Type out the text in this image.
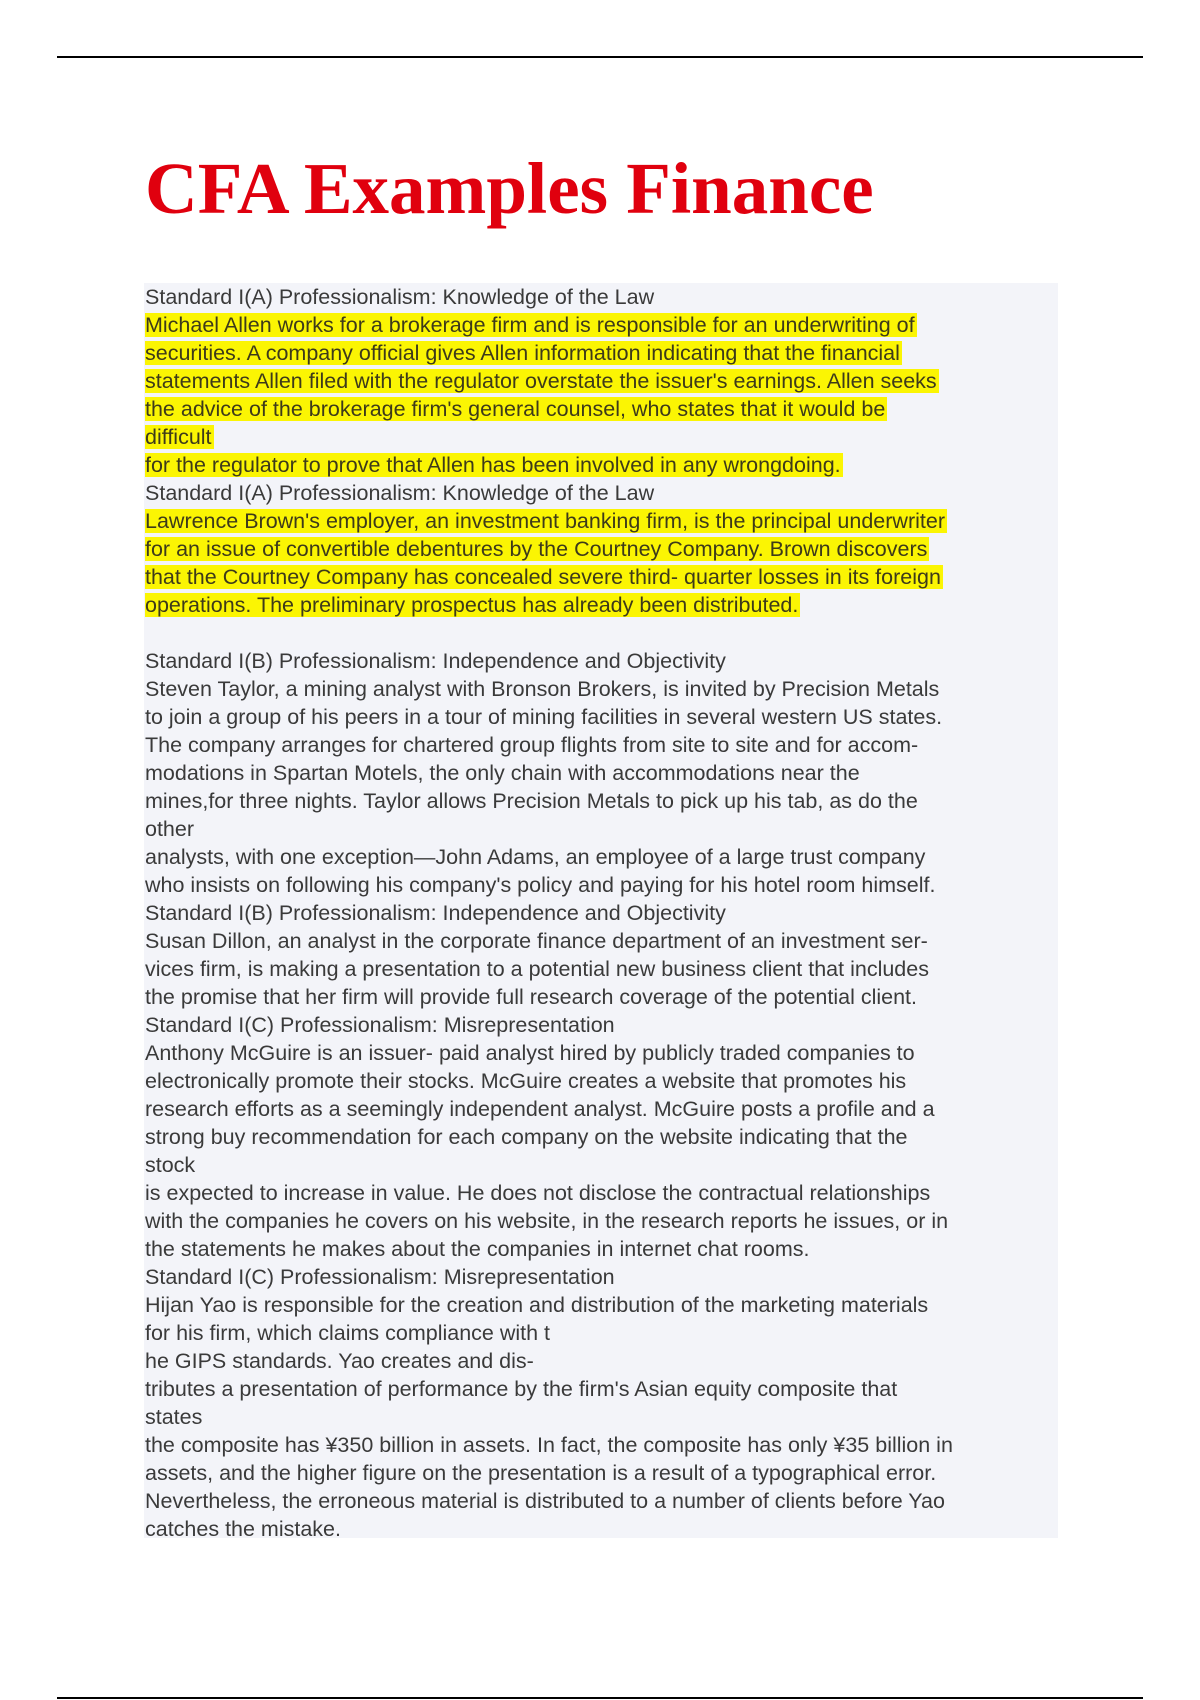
CFA Examples Finance
Standard I(A) Professionalism: Knowledge of the Law
Michael Allen works for a brokerage firm and is responsible for an underwriting of
securities. A company official gives Allen information indicating that the financial
statements Allen filed with the regulator overstate the issuer's earnings. Allen seeks
the advice of the brokerage firm's general counsel, who states that it would be
difficult
for the regulator to prove that Allen has been involved in any wrongdoing.
Standard I(A) Professionalism: Knowledge of the Law
Lawrence Brown's employer, an investment banking firm, is the principal underwriter
for an issue of convertible debentures by the Courtney Company. Brown discovers
that the Courtney Company has concealed severe third- quarter losses in its foreign
operations. The preliminary prospectus has already been distributed.
Standard I(B) Professionalism: Independence and Objectivity
Steven Taylor, a mining analyst with Bronson Brokers, is invited by Precision Metals
to join a group of his peers in a tour of mining facilities in several western US states.
The company arranges for chartered group flights from site to site and for accom-
modations in Spartan Motels, the only chain with accommodations near the
mines,for three nights. Taylor allows Precision Metals to pick up his tab, as do the
other
analysts, with one exception—John Adams, an employee of a large trust company
who insists on following his company's policy and paying for his hotel room himself.
Standard I(B) Professionalism: Independence and Objectivity
Susan Dillon, an analyst in the corporate finance department of an investment ser-
vices firm, is making a presentation to a potential new business client that includes
the promise that her firm will provide full research coverage of the potential client.
Standard I(C) Professionalism: Misrepresentation
Anthony McGuire is an issuer- paid analyst hired by publicly traded companies to
electronically promote their stocks. McGuire creates a website that promotes his
research efforts as a seemingly independent analyst. McGuire posts a profile and a
strong buy recommendation for each company on the website indicating that the
stock
is expected to increase in value. He does not disclose the contractual relationships
with the companies he covers on his website, in the research reports he issues, or in
the statements he makes about the companies in internet chat rooms.
Standard I(C) Professionalism: Misrepresentation
Hijan Yao is responsible for the creation and distribution of the marketing materials
for his firm, which claims compliance with t
he GIPS standards. Yao creates and dis-
tributes a presentation of performance by the firm's Asian equity composite that
states
the composite has ¥350 billion in assets. In fact, the composite has only ¥35 billion in
assets, and the higher figure on the presentation is a result of a typographical error.
Nevertheless, the erroneous material is distributed to a number of clients before Yao
catches the mistake.
